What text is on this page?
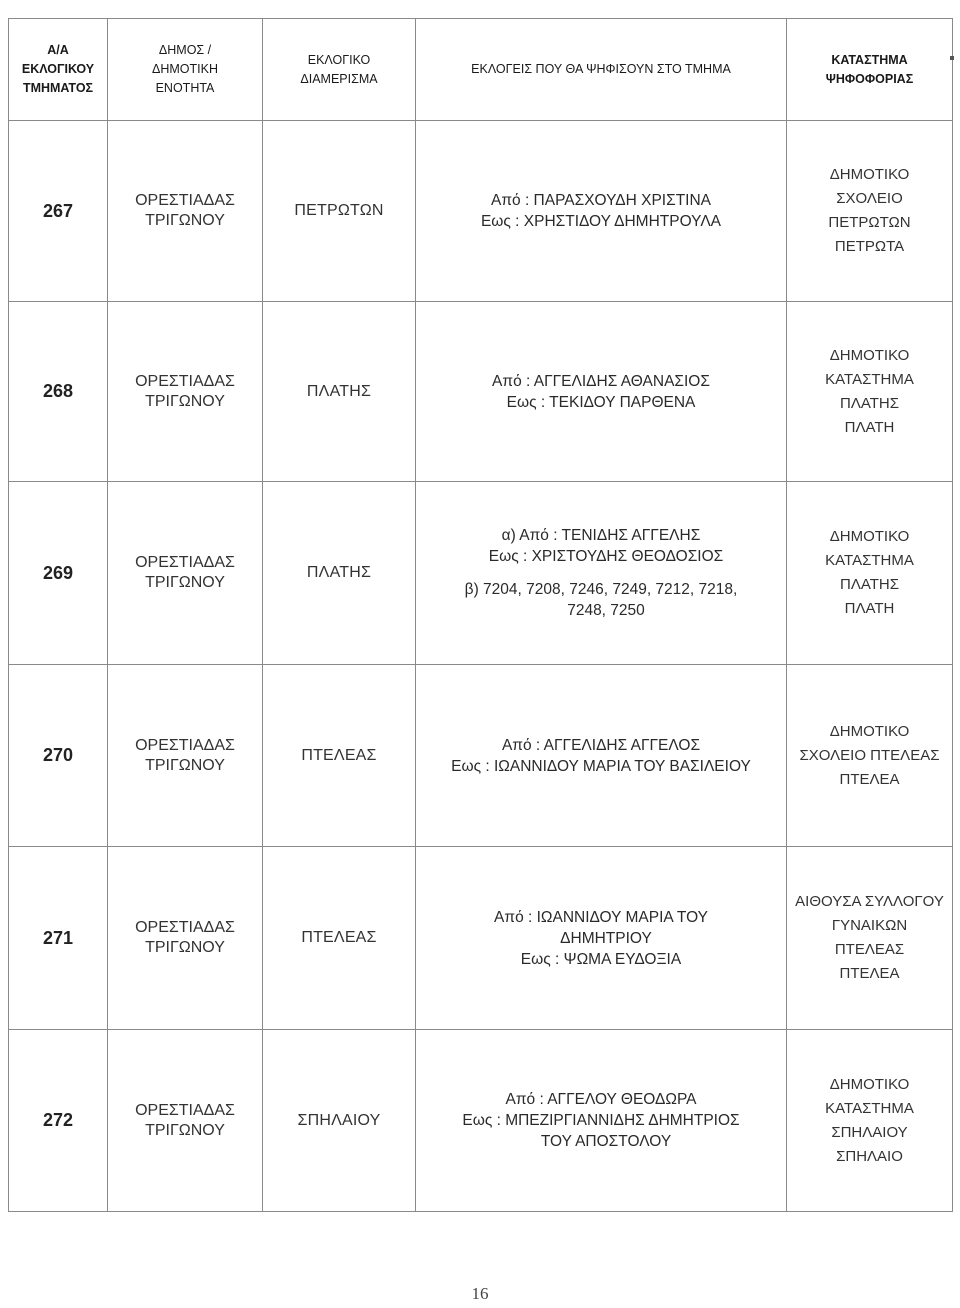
Α/Α
ΕΚΛΟΓΙΚΟΥ
ΤΜΗΜΑΤΟΣ	ΔΗΜΟΣ /
ΔΗΜΟΤΙΚΗ
ΕΝΟΤΗΤΑ	ΕΚΛΟΓΙΚΟ
ΔΙΑΜΕΡΙΣΜΑ	ΕΚΛΟΓΕΙΣ ΠΟΥ ΘΑ ΨΗΦΙΣΟΥΝ ΣΤΟ ΤΜΗΜΑ	ΚΑΤΑΣΤΗΜΑ
ΨΗΦΟΦΟΡΙΑΣ

267	ΟΡΕΣΤΙΑΔΑΣ
ΤΡΙΓΩΝΟΥ	ΠΕΤΡΩΤΩΝ	Από : ΠΑΡΑΣΧΟΥΔΗ ΧΡΙΣΤΙΝΑ
Εως : ΧΡΗΣΤΙΔΟΥ ΔΗΜΗΤΡΟΥΛΑ	ΔΗΜΟΤΙΚΟ
ΣΧΟΛΕΙΟ
ΠΕΤΡΩΤΩΝ
ΠΕΤΡΩΤΑ

268	ΟΡΕΣΤΙΑΔΑΣ
ΤΡΙΓΩΝΟΥ	ΠΛΑΤΗΣ	Από : ΑΓΓΕΛΙΔΗΣ ΑΘΑΝΑΣΙΟΣ
Εως : ΤΕΚΙΔΟΥ ΠΑΡΘΕΝΑ	ΔΗΜΟΤΙΚΟ
ΚΑΤΑΣΤΗΜΑ
ΠΛΑΤΗΣ
ΠΛΑΤΗ

269	ΟΡΕΣΤΙΑΔΑΣ
ΤΡΙΓΩΝΟΥ	ΠΛΑΤΗΣ	α) Από : ΤΕΝΙΔΗΣ ΑΓΓΕΛΗΣ
Εως : ΧΡΙΣΤΟΥΔΗΣ ΘΕΟΔΟΣΙΟΣ
β) 7204, 7208, 7246, 7249, 7212, 7218,
7248, 7250	ΔΗΜΟΤΙΚΟ
ΚΑΤΑΣΤΗΜΑ
ΠΛΑΤΗΣ
ΠΛΑΤΗ

270	ΟΡΕΣΤΙΑΔΑΣ
ΤΡΙΓΩΝΟΥ	ΠΤΕΛΕΑΣ	Από : ΑΓΓΕΛΙΔΗΣ ΑΓΓΕΛΟΣ
Εως : ΙΩΑΝΝΙΔΟΥ ΜΑΡΙΑ ΤΟΥ ΒΑΣΙΛΕΙΟΥ	ΔΗΜΟΤΙΚΟ
ΣΧΟΛΕΙΟ ΠΤΕΛΕΑΣ
ΠΤΕΛΕΑ

271	ΟΡΕΣΤΙΑΔΑΣ
ΤΡΙΓΩΝΟΥ	ΠΤΕΛΕΑΣ	Από : ΙΩΑΝΝΙΔΟΥ ΜΑΡΙΑ ΤΟΥ
ΔΗΜΗΤΡΙΟΥ
Εως : ΨΩΜΑ ΕΥΔΟΞΙΑ	ΑΙΘΟΥΣΑ ΣΥΛΛΟΓΟΥ
ΓΥΝΑΙΚΩΝ
ΠΤΕΛΕΑΣ
ΠΤΕΛΕΑ

272	ΟΡΕΣΤΙΑΔΑΣ
ΤΡΙΓΩΝΟΥ	ΣΠΗΛΑΙΟΥ	Από : ΑΓΓΕΛΟΥ ΘΕΟΔΩΡΑ
Εως : ΜΠΕΖΙΡΓΙΑΝΝΙΔΗΣ ΔΗΜΗΤΡΙΟΣ
ΤΟΥ ΑΠΟΣΤΟΛΟΥ	ΔΗΜΟΤΙΚΟ
ΚΑΤΑΣΤΗΜΑ
ΣΠΗΛΑΙΟΥ
ΣΠΗΛΑΙΟ
16
